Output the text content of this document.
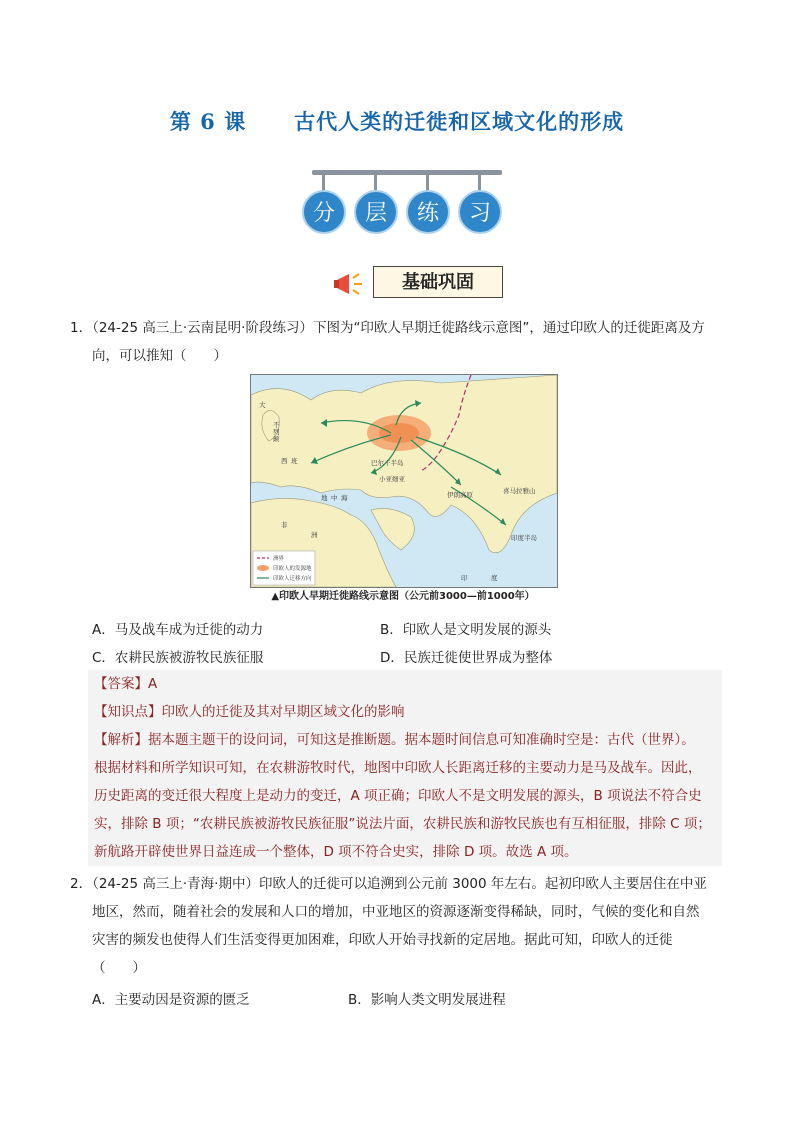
第 6 课 古代人类的迁徙和区域文化的形成
分	层	练	习
基础巩固
1．（24-25 高三上·云南昆明·阶段练习）下图为“印欧人早期迁徙路线示意图”，通过印欧人的迁徙距离及方
向，可以推知（　　）
大
不
列
颠
西 班
地 中 海
巴尔干半岛
小亚细亚
伊朗高原	喜马拉雅山
印度半岛
非
洲
印	度
洲界
印欧人的发源地
印欧人迁移方向
▲印欧人早期迁徙路线示意图（公元前3000—前1000年）
A．马及战车成为迁徙的动力	B．印欧人是文明发展的源头
C．农耕民族被游牧民族征服	D．民族迁徙使世界成为整体
【答案】A
【知识点】印欧人的迁徙及其对早期区域文化的影响
【解析】据本题主题干的设问词，可知这是推断题。据本题时间信息可知准确时空是：古代（世界）。
根据材料和所学知识可知，在农耕游牧时代，地图中印欧人长距离迁移的主要动力是马及战车。因此，
历史距离的变迁很大程度上是动力的变迁，A 项正确；印欧人不是文明发展的源头，B 项说法不符合史
实，排除 B 项；“农耕民族被游牧民族征服”说法片面，农耕民族和游牧民族也有互相征服，排除 C 项；
新航路开辟使世界日益连成一个整体，D 项不符合史实，排除 D 项。故选 A 项。
2．（24-25 高三上·青海·期中）印欧人的迁徙可以追溯到公元前 3000 年左右。起初印欧人主要居住在中亚
地区，然而，随着社会的发展和人口的增加，中亚地区的资源逐渐变得稀缺，同时，气候的变化和自然
灾害的频发也使得人们生活变得更加困难，印欧人开始寻找新的定居地。据此可知，印欧人的迁徙
（　　）
A．主要动因是资源的匮乏	B．影响人类文明发展进程
